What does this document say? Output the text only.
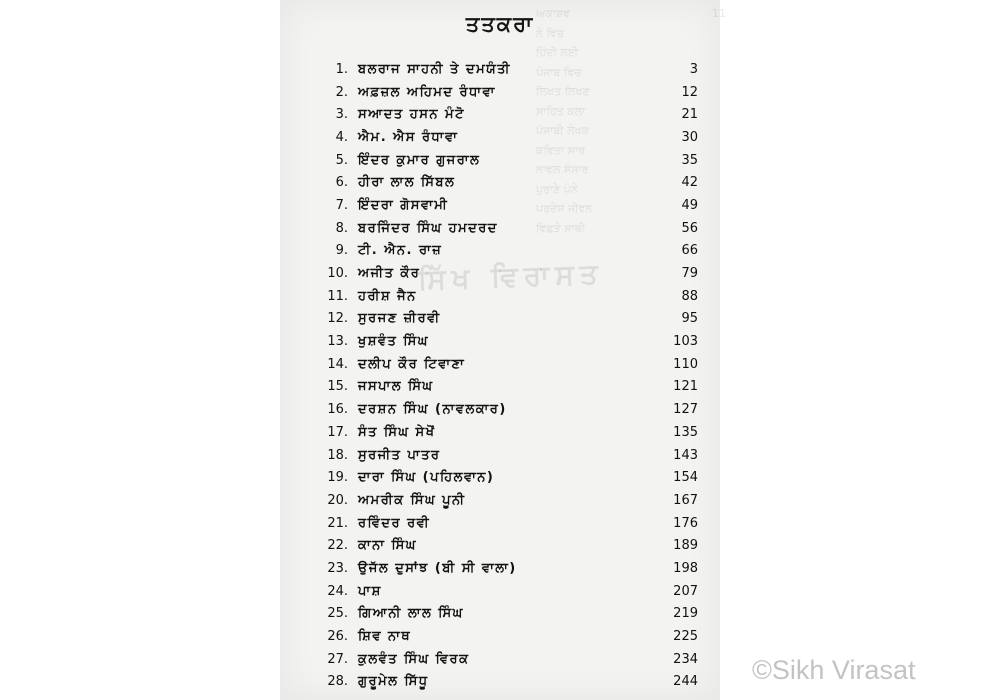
ਅਕਾਸ਼ਵ	11
ਨੇ ਵਿਚ
ਹਿੰਦੀ ਲਈ
ਪੰਜਾਬ ਵਿਚ
ਲਿਖਤ ਲਿਖਣ
ਸਾਹਿਤ ਕਲਾ
ਪੰਜਾਬੀ ਲੇਖਕ
ਕਵਿਤਾ ਸਾਰ
ਨਾਵਲ ਸੰਸਾਰ
ਪੁਰਾਣੇ ਪੰਨੇ
ਪਰਦੇਸ ਜੀਵਨ
ਵਿਛੜੇ ਸਾਥੀ
ਤਤਕਰਾ
1. ਬਲਰਾਜ ਸਾਹਨੀ ਤੇ ਦਮਯੰਤੀ	3
2. ਅਫ਼ਜ਼ਲ ਅਹਿਮਦ ਰੰਧਾਵਾ	12
3. ਸਆਦਤ ਹਸਨ ਮੰਟੋ	21
4. ਐਮ. ਐਸ ਰੰਧਾਵਾ	30
5. ਇੰਦਰ ਕੁਮਾਰ ਗੁਜਰਾਲ	35
6. ਹੀਰਾ ਲਾਲ ਸਿੱਬਲ	42
7. ਇੰਦਰਾ ਗੋਸਵਾਮੀ	49
8. ਬਰਜਿੰਦਰ ਸਿੰਘ ਹਮਦਰਦ	56
9. ਟੀ. ਐਨ. ਰਾਜ਼	66
10. ਅਜੀਤ ਕੌਰ	79
11. ਹਰੀਸ਼ ਜੈਨ	88
12. ਸੁਰਜਣ ਜ਼ੀਰਵੀ	95
13. ਖੁਸ਼ਵੰਤ ਸਿੰਘ	103
14. ਦਲੀਪ ਕੌਰ ਟਿਵਾਣਾ	110
15. ਜਸਪਾਲ ਸਿੰਘ	121
16. ਦਰਸ਼ਨ ਸਿੰਘ (ਨਾਵਲਕਾਰ)	127
17. ਸੰਤ ਸਿੰਘ ਸੇਖੋਂ	135
18. ਸੁਰਜੀਤ ਪਾਤਰ	143
19. ਦਾਰਾ ਸਿੰਘ (ਪਹਿਲਵਾਨ)	154
20. ਅਮਰੀਕ ਸਿੰਘ ਪੂਨੀ	167
21. ਰਵਿੰਦਰ ਰਵੀ	176
22. ਕਾਨਾ ਸਿੰਘ	189
23. ਉਜੱਲ ਦੁਸਾਂਝ (ਬੀ ਸੀ ਵਾਲਾ)	198
24. ਪਾਸ਼	207
25. ਗਿਆਨੀ ਲਾਲ ਸਿੰਘ	219
26. ਸ਼ਿਵ ਨਾਥ	225
27. ਕੁਲਵੰਤ ਸਿੰਘ ਵਿਰਕ	234
28. ਗੁਰੂਮੇਲ ਸਿੱਧੂ	244
ਸਿੱਖ ਵਿਰਾਸਤ
©Sikh Virasat
